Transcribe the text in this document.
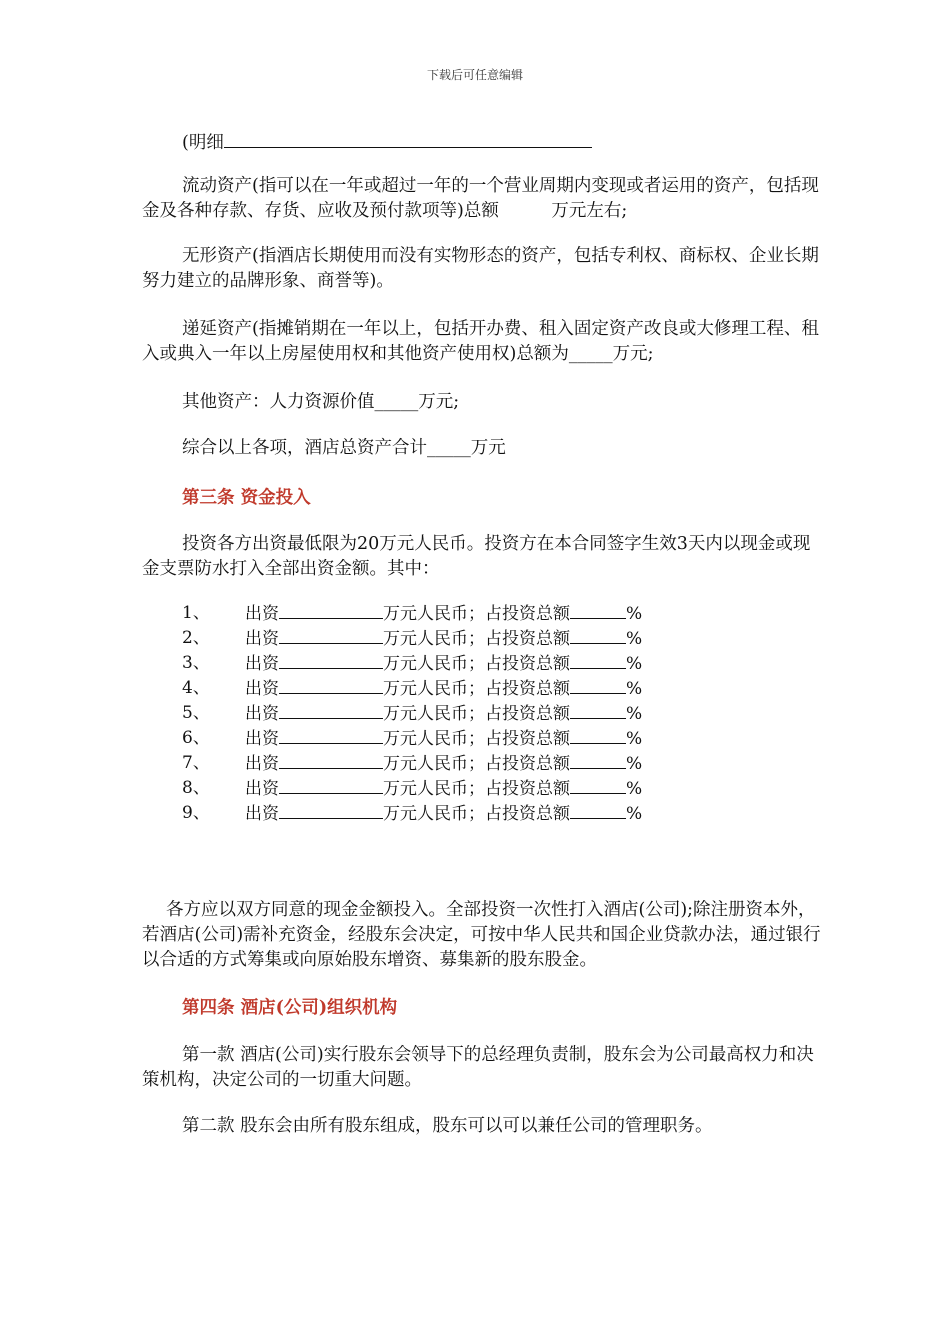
下载后可任意编辑
(明细

流动资产(指可以在一年或超过一年的一个营业周期内变现或者运用的资产，包括现金及各种存款、存货、应收及预付款项等)总额　　　万元左右;

无形资产(指酒店长期使用而没有实物形态的资产，包括专利权、商标权、企业长期努力建立的品牌形象、商誉等)。

递延资产(指摊销期在一年以上，包括开办费、租入固定资产改良或大修理工程、租入或典入一年以上房屋使用权和其他资产使用权)总额为_____万元;

其他资产：人力资源价值_____万元;

综合以上各项，酒店总资产合计_____万元

第三条 资金投入

投资各方出资最低限为20万元人民币。投资方在本合同签字生效3天内以现金或现金支票防水打入全部出资金额。其中：

1、	出资	万元人民币；占投资总额	%
2、	出资	万元人民币；占投资总额	%
3、	出资	万元人民币；占投资总额	%
4、	出资	万元人民币；占投资总额	%
5、	出资	万元人民币；占投资总额	%
6、	出资	万元人民币；占投资总额	%
7、	出资	万元人民币；占投资总额	%
8、	出资	万元人民币；占投资总额	%
9、	出资	万元人民币；占投资总额	%

各方应以双方同意的现金金额投入。全部投资一次性打入酒店(公司);除注册资本外，若酒店(公司)需补充资金，经股东会决定，可按中华人民共和国企业贷款办法，通过银行以合适的方式筹集或向原始股东增资、募集新的股东股金。

第四条 酒店(公司)组织机构

第一款 酒店(公司)实行股东会领导下的总经理负责制，股东会为公司最高权力和决策机构，决定公司的一切重大问题。

第二款 股东会由所有股东组成，股东可以可以兼任公司的管理职务。
